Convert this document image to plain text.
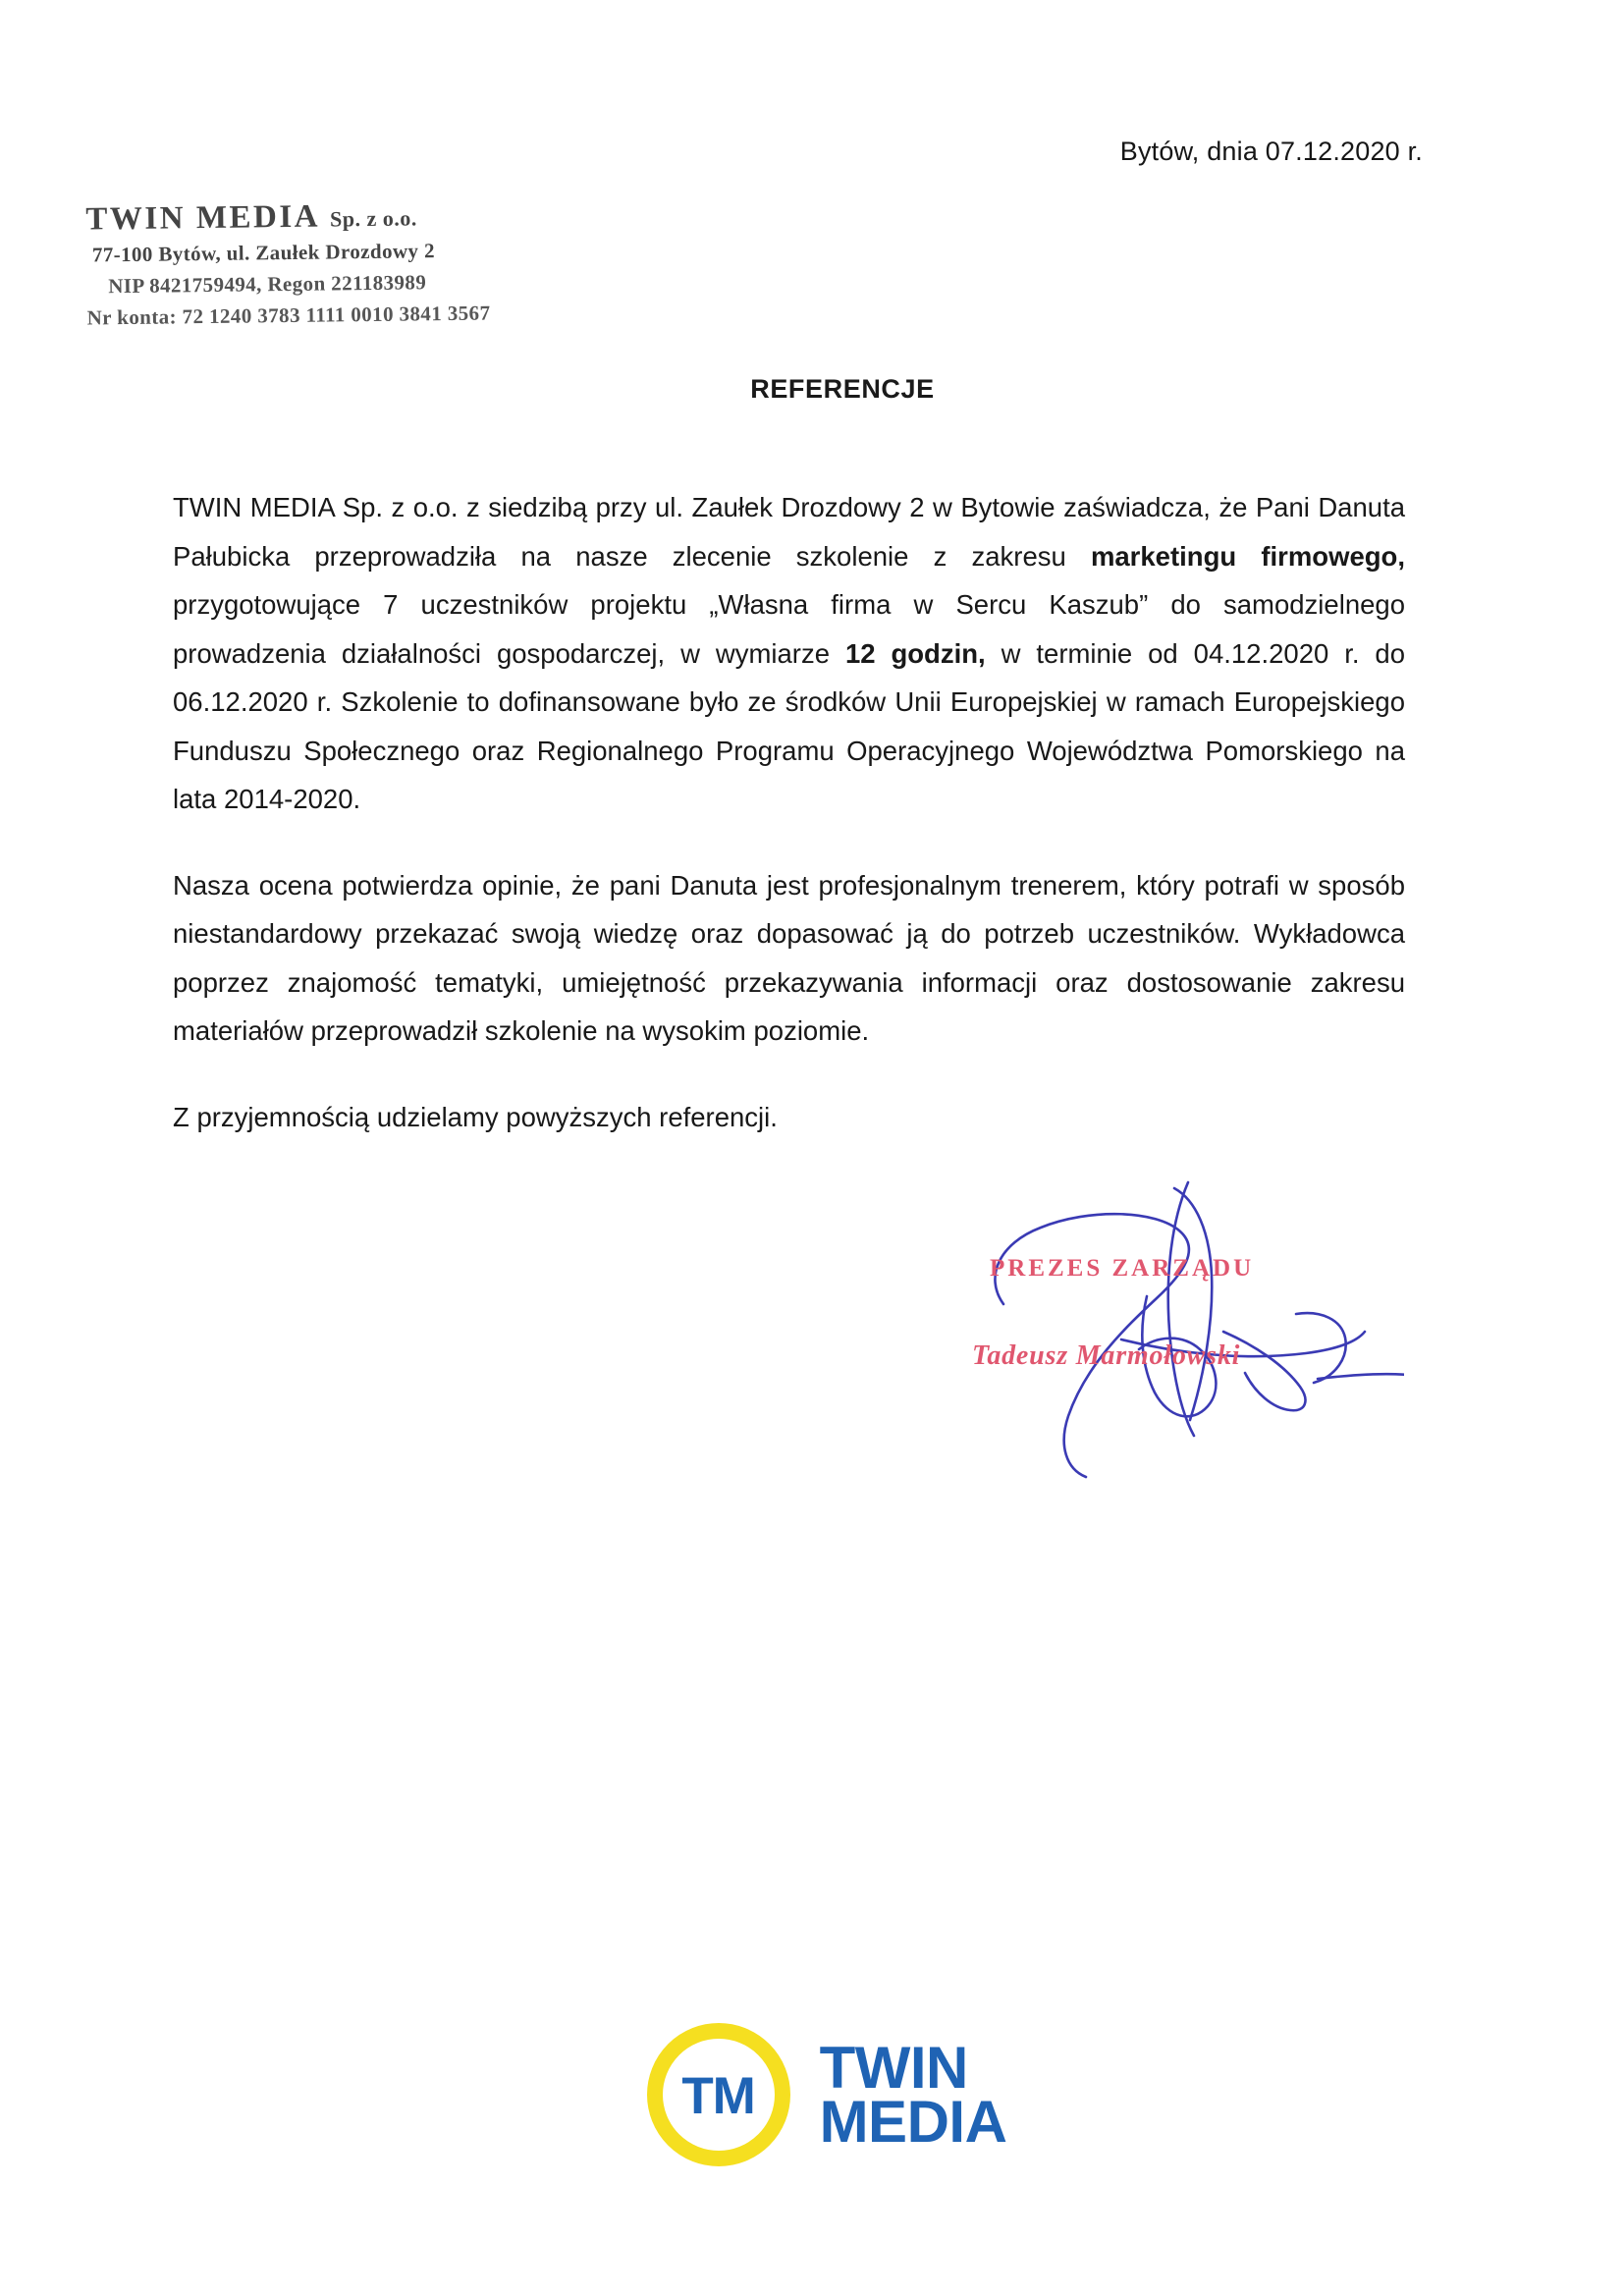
Bytów, dnia 07.12.2020 r.
TWIN MEDIA Sp. z o.o.
77-100 Bytów, ul. Zaułek Drozdowy 2
NIP 8421759494, Regon 221183989
Nr konta: 72 1240 3783 1111 0010 3841 3567
REFERENCJE

TWIN MEDIA Sp. z o.o. z siedzibą przy ul. Zaułek Drozdowy 2 w Bytowie zaświadcza, że Pani Danuta Pałubicka przeprowadziła na nasze zlecenie szkolenie z zakresu marketingu firmowego, przygotowujące 7 uczestników projektu „Własna firma w Sercu Kaszub” do samodzielnego prowadzenia działalności gospodarczej, w wymiarze 12 godzin, w terminie od 04.12.2020 r. do 06.12.2020 r. Szkolenie to dofinansowane było ze środków Unii Europejskiej w ramach Europejskiego Funduszu Społecznego oraz Regionalnego Programu Operacyjnego Województwa Pomorskiego na lata 2014-2020.

Nasza ocena potwierdza opinie, że pani Danuta jest profesjonalnym trenerem, który potrafi w sposób niestandardowy przekazać swoją wiedzę oraz dopasować ją do potrzeb uczestników. Wykładowca poprzez znajomość tematyki, umiejętność przekazywania informacji oraz dostosowanie zakresu materiałów przeprowadził szkolenie na wysokim poziomie.

Z przyjemnością udzielamy powyższych referencji.

PREZES ZARZĄDU
Tadeusz Marmołowski
TM TWIN
MEDIA
